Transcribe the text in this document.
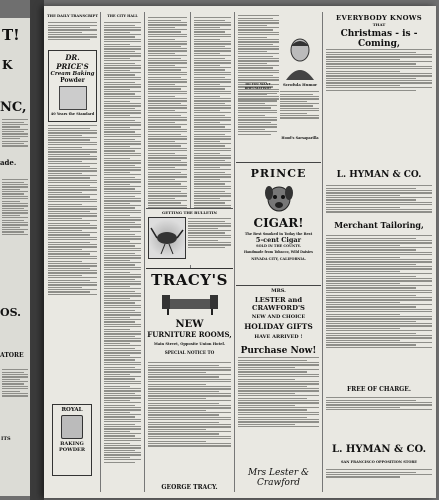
T!
K
NC,
ade.
OS.
ATORE
ITS
THE DAILY TRANSCRIPT
DR. PRICE'S
Cream Baking
Powder
40 Years the Standard
ROYAL
BAKING
POWDER
THE CITY HALL
GETTING THE BULLETIN
TRACY'S
NEW
FURNITURE ROOMS,
Main Street, Opposite Union Hotel.
SPECIAL NOTICE TO
GEORGE TRACY.
DO YOU WANT RHEUMATISM?
Scrofula Humor
Hood's Sarsaparilla
PRINCE
CIGAR!
The Best Smoked in Today the Best
5-cent Cigar
SOLD IN THE COUNTY.
Handmade from Tobacco, Wild Daisies
NEVADA CITY, CALIFORNIA.
MRS.
LESTER and CRAWFORD'S
NEW AND CHOICE
HOLIDAY GIFTS
HAVE ARRIVED !
Purchase Now!
Mrs Lester & Crawford
EVERYBODY KNOWS
THAT
Christmas - is - Coming,
L. HYMAN & CO.
Merchant Tailoring,
FREE OF CHARGE.
L. HYMAN & CO.
SAN FRANCISCO OPPOSITION STORE
